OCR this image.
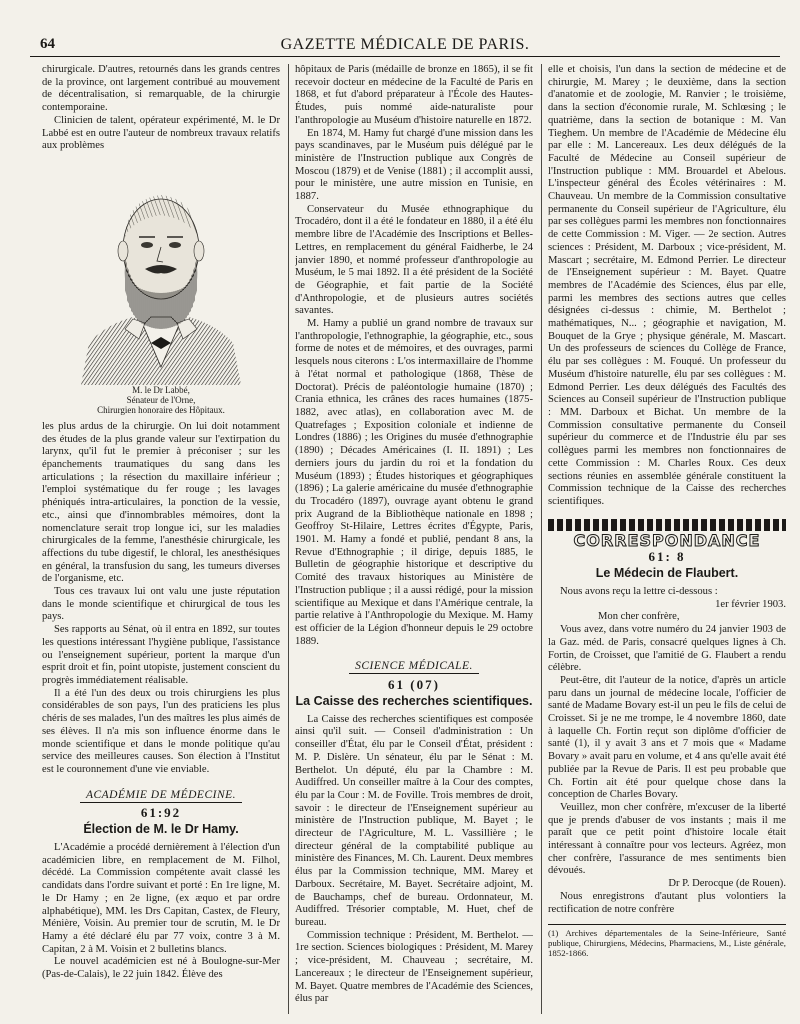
64	GAZETTE MÉDICALE DE PARIS.

chirurgicale. D'autres, retournés dans les grands centres de la province, ont largement contribué au mouvement de décentralisation, si remarquable, de la chirurgie contemporaine.

Clinicien de talent, opérateur expérimenté, M. le Dr Labbé est en outre l'auteur de nombreux travaux relatifs aux problèmes

M. le Dr Labbé,
Sénateur de l'Orne,
Chirurgien honoraire des Hôpitaux.

les plus ardus de la chirurgie. On lui doit notamment des études de la plus grande valeur sur l'extirpation du larynx, qu'il fut le premier à préconiser ; sur les épanchements traumatiques du sang dans les articulations ; la résection du maxillaire inférieur ; l'emploi systématique du fer rouge ; les lavages phéniqués intra-articulaires, la ponction de la vessie, etc., ainsi que d'innombrables mémoires, dont la nomenclature serait trop longue ici, sur les maladies chirurgicales de la femme, l'anesthésie chirurgicale, les affections du tube digestif, le chloral, les anesthésiques en général, la transfusion du sang, les tumeurs diverses de l'organisme, etc.

Tous ces travaux lui ont valu une juste réputation dans le monde scientifique et chirurgical de tous les pays.

Ses rapports au Sénat, où il entra en 1892, sur toutes les questions intéressant l'hygiène publique, l'assistance ou l'enseignement supérieur, portent la marque d'un esprit droit et fin, point utopiste, justement conscient du progrès immédiatement réalisable.

Il a été l'un des deux ou trois chirurgiens les plus considérables de son pays, l'un des praticiens les plus chéris de ses malades, l'un des maîtres les plus aimés de ses élèves. Il n'a mis son influence énorme dans le monde scientifique et dans le monde politique qu'au service des meilleures causes. Son élection à l'Institut est le couronnement d'une vie enviable.

ACADÉMIE DE MÉDECINE.
61:92
Élection de M. le Dr Hamy.

L'Académie a procédé dernièrement à l'élection d'un académicien libre, en remplacement de M. Filhol, décédé. La Commission compétente avait classé les candidats dans l'ordre suivant et porté : En 1re ligne, M. le Dr Hamy ; en 2e ligne, (ex æquo et par ordre alphabétique), MM. les Drs Capitan, Castex, de Fleury, Ménière, Voisin. Au premier tour de scrutin, M. le Dr Hamy a été déclaré élu par 77 voix, contre 3 à M. Capitan, 2 à M. Voisin et 2 bulletins blancs.

Le nouvel académicien est né à Boulogne-sur-Mer (Pas-de-Calais), le 22 juin 1842. Élève des

hôpitaux de Paris (médaille de bronze en 1865), il se fit recevoir docteur en médecine de la Faculté de Paris en 1868, et fut d'abord préparateur à l'École des Hautes-Études, puis nommé aide-naturaliste pour l'anthropologie au Muséum d'histoire naturelle en 1872.

En 1874, M. Hamy fut chargé d'une mission dans les pays scandinaves, par le Muséum puis délégué par le ministère de l'Instruction publique aux Congrès de Moscou (1879) et de Venise (1881) ; il accomplit aussi, pour le ministère, une autre mission en Tunisie, en 1887.

Conservateur du Musée ethnographique du Trocadéro, dont il a été le fondateur en 1880, il a été élu membre libre de l'Académie des Inscriptions et Belles-Lettres, en remplacement du général Faidherbe, le 24 janvier 1890, et nommé professeur d'anthropologie au Muséum, le 5 mai 1892. Il a été président de la Société de Géographie, et fait partie de la Société d'Anthropologie, et de plusieurs autres sociétés savantes.

M. Hamy a publié un grand nombre de travaux sur l'anthropologie, l'ethnographie, la géographie, etc., sous forme de notes et de mémoires, et des ouvrages, parmi lesquels nous citerons : L'os intermaxillaire de l'homme à l'état normal et pathologique (1868, Thèse de Doctorat). Précis de paléontologie humaine (1870) ; Crania ethnica, les crânes des races humaines (1875-1882, avec atlas), en collaboration avec M. de Quatrefages ; Exposition coloniale et indienne de Londres (1886) ; les Origines du musée d'ethnographie (1890) ; Décades Américaines (I. II. 1891) ; Les derniers jours du jardin du roi et la fondation du Muséum (1893) ; Études historiques et géographiques (1896) ; La galerie américaine du musée d'ethnographie du Trocadéro (1897), ouvrage ayant obtenu le grand prix Augrand de la Bibliothèque nationale en 1898 ; Geoffroy St-Hilaire, Lettres écrites d'Égypte, Paris, 1901. M. Hamy a fondé et publié, pendant 8 ans, la Revue d'Ethnographie ; il dirige, depuis 1885, le Bulletin de géographie historique et descriptive du Comité des travaux historiques au Ministère de l'Instruction publique ; il a aussi rédigé, pour la mission scientifique au Mexique et dans l'Amérique centrale, la partie relative à l'Anthropologie du Mexique. M. Hamy est officier de la Légion d'honneur depuis le 29 octobre 1889.

SCIENCE MÉDICALE.
61 (07)
La Caisse des recherches scientifiques.

La Caisse des recherches scientifiques est composée ainsi qu'il suit. — Conseil d'administration : Un conseiller d'État, élu par le Conseil d'État, président : M. P. Dislère. Un sénateur, élu par le Sénat : M. Berthelot. Un député, élu par la Chambre : M. Audiffred. Un conseiller maître à la Cour des comptes, élu par la Cour : M. de Foville. Trois membres de droit, savoir : le directeur de l'Enseignement supérieur au ministère de l'Instruction publique, M. Bayet ; le directeur de l'Agriculture, M. L. Vassillière ; le directeur général de la comptabilité publique au ministère des Finances, M. Ch. Laurent. Deux membres élus par la Commission technique, MM. Marey et Darboux. Secrétaire, M. Bayet. Secrétaire adjoint, M. de Bauchamps, chef de bureau. Ordonnateur, M. Audiffred. Trésorier comptable, M. Huet, chef de bureau.

Commission technique : Président, M. Berthelot. — 1re section. Sciences biologiques : Président, M. Marey ; vice-président, M. Chauveau ; secrétaire, M. Lancereaux ; le directeur de l'Enseignement supérieur, M. Bayet. Quatre membres de l'Académie des Sciences, élus par

elle et choisis, l'un dans la section de médecine et de chirurgie, M. Marey ; le deuxième, dans la section d'anatomie et de zoologie, M. Ranvier ; le troisième, dans la section d'économie rurale, M. Schlœsing ; le quatrième, dans la section de botanique : M. Van Tieghem. Un membre de l'Académie de Médecine élu par elle : M. Lancereaux. Les deux délégués de la Faculté de Médecine au Conseil supérieur de l'Instruction publique : MM. Brouardel et Abelous. L'inspecteur général des Écoles vétérinaires : M. Chauveau. Un membre de la Commission consultative permanente du Conseil supérieur de l'Agriculture, élu par ses collègues parmi les membres non fonctionnaires de cette Commission : M. Viger. — 2e section. Autres sciences : Président, M. Darboux ; vice-président, M. Mascart ; secrétaire, M. Edmond Perrier. Le directeur de l'Enseignement supérieur : M. Bayet. Quatre membres de l'Académie des Sciences, élus par elle, parmi les membres des sections autres que celles désignées ci-dessus : chimie, M. Berthelot ; mathématiques, N... ; géographie et navigation, M. Bouquet de la Grye ; physique générale, M. Mascart. Un des professeurs de sciences du Collège de France, élu par ses collègues : M. Fouqué. Un professeur du Muséum d'histoire naturelle, élu par ses collègues : M. Edmond Perrier. Les deux délégués des Facultés des Sciences au Conseil supérieur de l'Instruction publique : MM. Darboux et Bichat. Un membre de la Commission consultative permanente du Conseil supérieur du commerce et de l'Industrie élu par ses collègues parmi les membres non fonctionnaires de cette Commission : M. Charles Roux. Ces deux sections réunies en assemblée générale constituent la Commission technique de la Caisse des recherches scientifiques.

CORRESPONDANCE
61: 8
Le Médecin de Flaubert.

Nous avons reçu la lettre ci-dessous :

1er février 1903.

Mon cher confrère,

Vous avez, dans votre numéro du 24 janvier 1903 de la Gaz. méd. de Paris, consacré quelques lignes à Ch. Fortin, de Croisset, que l'amitié de G. Flaubert a rendu célèbre.

Peut-être, dit l'auteur de la notice, d'après un article paru dans un journal de médecine locale, l'officier de santé de Madame Bovary est-il un peu le fils de celui de Croisset. Si je ne me trompe, le 4 novembre 1860, date à laquelle Ch. Fortin reçut son diplôme d'officier de santé (1), il y avait 3 ans et 7 mois que « Madame Bovary » avait paru en volume, et 4 ans qu'elle avait été publiée par la Revue de Paris. Il est peu probable que Ch. Fortin ait été pour quelque chose dans la conception de Charles Bovary.

Veuillez, mon cher confrère, m'excuser de la liberté que je prends d'abuser de vos instants ; mais il me paraît que ce petit point d'histoire locale était intéressant à connaître pour vos lecteurs. Agréez, mon cher confrère, l'assurance de mes sentiments bien dévoués.

Dr P. Derocque (de Rouen).

Nous enregistrons d'autant plus volontiers la rectification de notre confrère

(1) Archives départementales de la Seine-Inférieure, Santé publique, Chirurgiens, Médecins, Pharmaciens, M., Liste générale, 1852-1866.
